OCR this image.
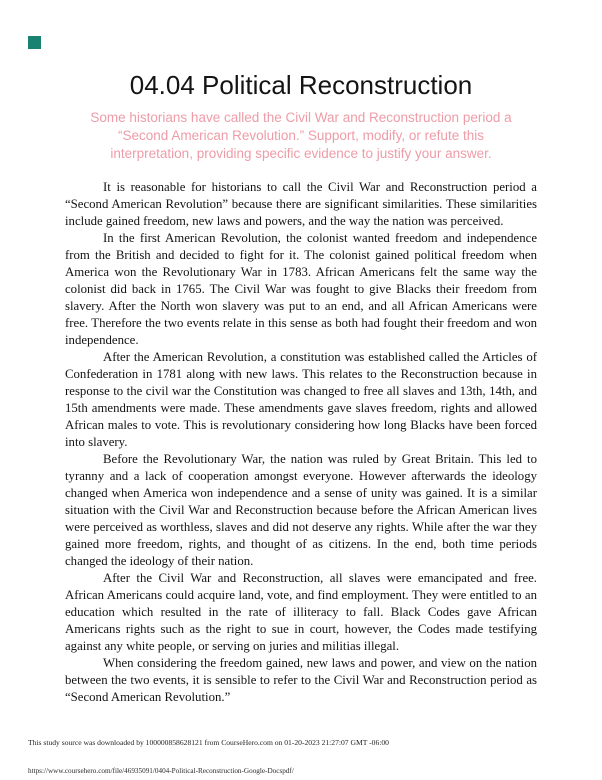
04.04 Political Reconstruction
Some historians have called the Civil War and Reconstruction period a
“Second American Revolution.” Support, modify, or refute this
interpretation, providing specific evidence to justify your answer.

It is reasonable for historians to call the Civil War and Reconstruction period a “Second American Revolution” because there are significant similarities. These similarities include gained freedom, new laws and powers, and the way the nation was perceived.

In the first American Revolution, the colonist wanted freedom and independence from the British and decided to fight for it. The colonist gained political freedom when America won the Revolutionary War in 1783. African Americans felt the same way the colonist did back in 1765. The Civil War was fought to give Blacks their freedom from slavery. After the North won slavery was put to an end, and all African Americans were free. Therefore the two events relate in this sense as both had fought their freedom and won independence.

After the American Revolution, a constitution was established called the Articles of Confederation in 1781 along with new laws. This relates to the Reconstruction because in response to the civil war the Constitution was changed to free all slaves and 13th, 14th, and 15th amendments were made. These amendments gave slaves freedom, rights and allowed African males to vote. This is revolutionary considering how long Blacks have been forced into slavery.

Before the Revolutionary War, the nation was ruled by Great Britain. This led to tyranny and a lack of cooperation amongst everyone. However afterwards the ideology changed when America won independence and a sense of unity was gained. It is a similar situation with the Civil War and Reconstruction because before the African American lives were perceived as worthless, slaves and did not deserve any rights. While after the war they gained more freedom, rights, and thought of as citizens. In the end, both time periods changed the ideology of their nation.

After the Civil War and Reconstruction, all slaves were emancipated and free. African Americans could acquire land, vote, and find employment. They were entitled to an education which resulted in the rate of illiteracy to fall. Black Codes gave African Americans rights such as the right to sue in court, however, the Codes made testifying against any white people, or serving on juries and militias illegal.

When considering the freedom gained, new laws and power, and view on the nation between the two events, it is sensible to refer to the Civil War and Reconstruction period as “Second American Revolution.”

This study source was downloaded by 100000858628121 from CourseHero.com on 01-20-2023 21:27:07 GMT -06:00
https://www.coursehero.com/file/46935091/0404-Political-Reconstruction-Google-Docspdf/
